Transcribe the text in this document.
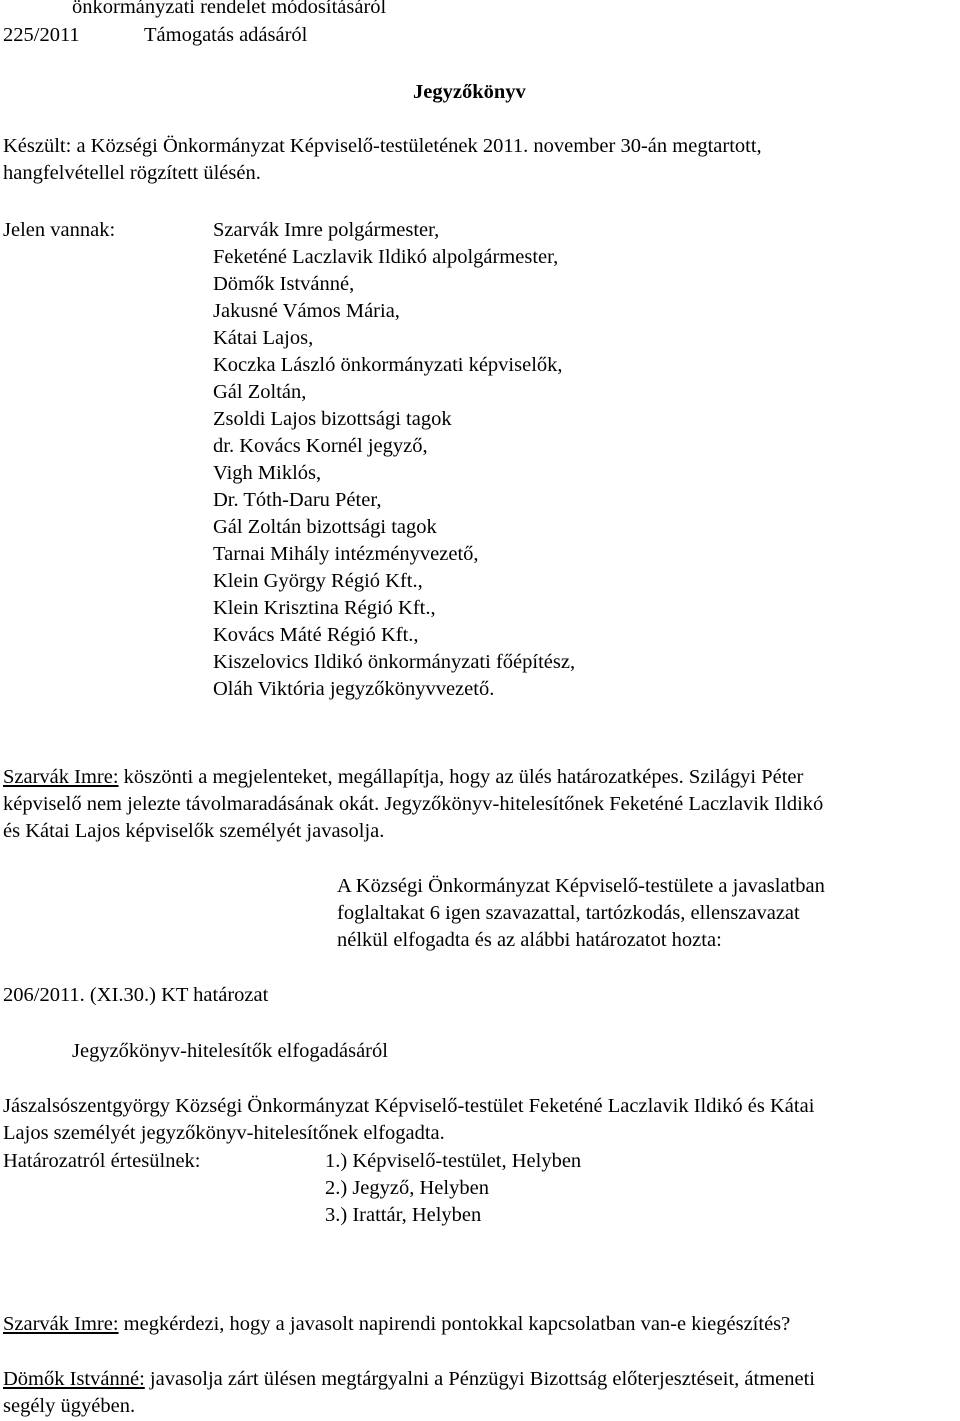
önkormányzati rendelet módosításáról
225/2011	Támogatás adásáról
Jegyzőkönyv
Készült: a Községi Önkormányzat Képviselő-testületének 2011. november 30-án megtartott,
hangfelvétellel rögzített ülésén.
Jelen vannak:	Szarvák Imre polgármester,
Feketéné Laczlavik Ildikó alpolgármester,
Dömők Istvánné,
Jakusné Vámos Mária,
Kátai Lajos,
Koczka László önkormányzati képviselők,
Gál Zoltán,
Zsoldi Lajos bizottsági tagok
dr. Kovács Kornél jegyző,
Vigh Miklós,
Dr. Tóth-Daru Péter,
Gál Zoltán bizottsági tagok
Tarnai Mihály intézményvezető,
Klein György Régió Kft.,
Klein Krisztina Régió Kft.,
Kovács Máté Régió Kft.,
Kiszelovics Ildikó önkormányzati főépítész,
Oláh Viktória jegyzőkönyvvezető.
Szarvák Imre: köszönti a megjelenteket, megállapítja, hogy az ülés határozatképes. Szilágyi Péter
képviselő nem jelezte távolmaradásának okát. Jegyzőkönyv-hitelesítőnek Feketéné Laczlavik Ildikó
és Kátai Lajos képviselők személyét javasolja.
A Községi Önkormányzat Képviselő-testülete a javaslatban
foglaltakat 6 igen szavazattal, tartózkodás, ellenszavazat
nélkül elfogadta és az alábbi határozatot hozta:
206/2011. (XI.30.) KT határozat
Jegyzőkönyv-hitelesítők elfogadásáról
Jászalsószentgyörgy Községi Önkormányzat Képviselő-testület Feketéné Laczlavik Ildikó és Kátai
Lajos személyét jegyzőkönyv-hitelesítőnek elfogadta.
Határozatról értesülnek:	1.) Képviselő-testület, Helyben
2.) Jegyző, Helyben
3.) Irattár, Helyben
Szarvák Imre: megkérdezi, hogy a javasolt napirendi pontokkal kapcsolatban van-e kiegészítés?
Dömők Istvánné: javasolja zárt ülésen megtárgyalni a Pénzügyi Bizottság előterjesztéseit, átmeneti
segély ügyében.
